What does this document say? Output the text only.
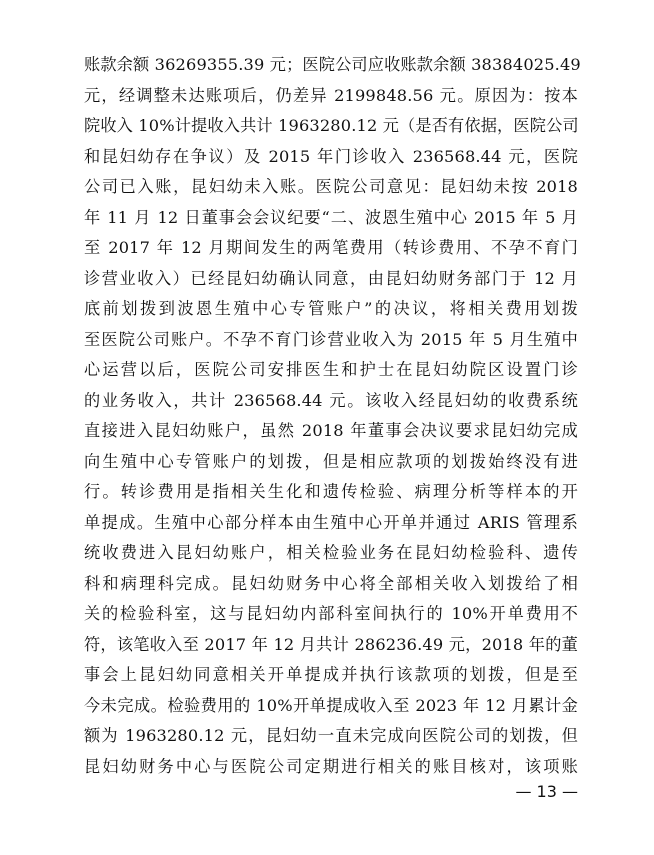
账款余额 36269355.39 元；医院公司应收账款余额 38384025.49
元，经调整未达账项后，仍差异 2199848.56 元。原因为：按本
院收入 10%计提收入共计 1963280.12 元（是否有依据，医院公司
和昆妇幼存在争议）及 2015 年门诊收入 236568.44 元，医院
公司已入账，昆妇幼未入账。医院公司意见：昆妇幼未按 2018
年 11 月 12 日董事会会议纪要“二、波恩生殖中心 2015 年 5 月
至 2017 年 12 月期间发生的两笔费用（转诊费用、不孕不育门
诊营业收入）已经昆妇幼确认同意，由昆妇幼财务部门于 12 月
底前划拨到波恩生殖中心专管账户”的决议，将相关费用划拨
至医院公司账户。不孕不育门诊营业收入为 2015 年 5 月生殖中
心运营以后，医院公司安排医生和护士在昆妇幼院区设置门诊
的业务收入，共计 236568.44 元。该收入经昆妇幼的收费系统
直接进入昆妇幼账户，虽然 2018 年董事会决议要求昆妇幼完成
向生殖中心专管账户的划拨，但是相应款项的划拨始终没有进
行。转诊费用是指相关生化和遗传检验、病理分析等样本的开
单提成。生殖中心部分样本由生殖中心开单并通过 ARIS 管理系
统收费进入昆妇幼账户，相关检验业务在昆妇幼检验科、遗传
科和病理科完成。昆妇幼财务中心将全部相关收入划拨给了相
关的检验科室，这与昆妇幼内部科室间执行的 10%开单费用不
符，该笔收入至 2017 年 12 月共计 286236.49 元，2018 年的董
事会上昆妇幼同意相关开单提成并执行该款项的划拨，但是至
今未完成。检验费用的 10%开单提成收入至 2023 年 12 月累计金
额为 1963280.12 元，昆妇幼一直未完成向医院公司的划拨，但
昆妇幼财务中心与医院公司定期进行相关的账目核对，该项账
— 13 —
